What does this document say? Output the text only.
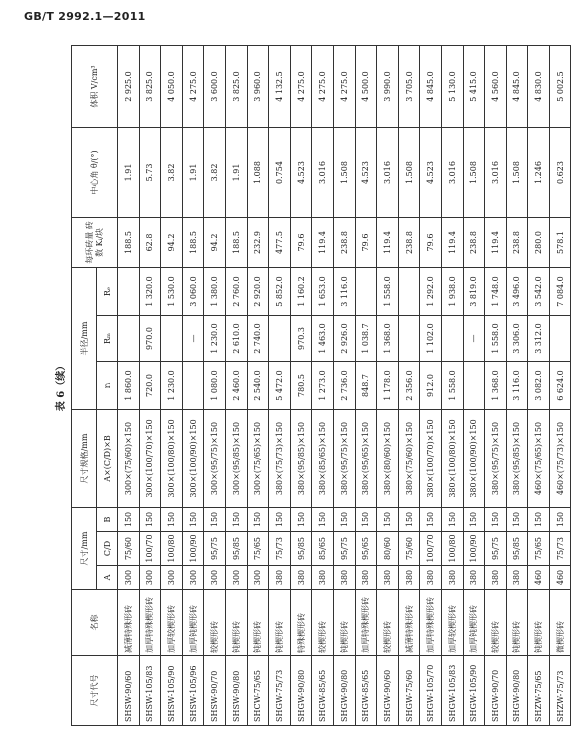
GB/T 2992.1—2011
表 6（续）
尺寸代号	名称	尺寸/mm			尺寸规格/mm	半径/mm			每环砖量 砖数 Kᵢ/块	中心角 θ/(°)	体积 V/cm³
		A	C/D	B	A×(C/D)×B	rᵢ	Rₘ	Rₑ			
SHSW-90/60	减薄特殊形砖	300	75/60	150	300×(75/60)×150	1 860.0			188.5	1.91	2 925.0
SHSW-105/83	加厚特殊楔形砖	300	100/70	150	300×(100/70)×150	720.0	970.0	1 320.0	62.8	5.73	3 825.0
SHSW-105/90	加厚较楔形砖	300	100/80	150	300×(100/80)×150	1 230.0		1 530.0	94.2	3.82	4 050.0
SHSW-105/96	加厚钝楔形砖	300	100/90	150	300×(100/90)×150		—	3 060.0	188.5	1.91	4 275.0
SHSW-90/70	较楔形砖	300	95/75	150	300×(95/75)×150	1 080.0	1 230.0	1 380.0	94.2	3.82	3 600.0
SHSW-90/80	钝楔形砖	300	95/85	150	300×(95/85)×150	2 460.0	2 610.0	2 760.0	188.5	1.91	3 825.0
SHCW-75/65	钝楔形砖	300	75/65	150	300×(75/65)×150	2 540.0	2 740.0	2 920.0	232.9	1.088	3 960.0
SHGW-75/73	钝楔形砖	380	75/73	150	380×(75/73)×150	5 472.0		5 852.0	477.5	0.754	4 132.5
SHGW-90/80	特殊楔形砖	380	95/85	150	380×(95/85)×150	780.5	970.3	1 160.2	79.6	4.523	4 275.0
SHGW-85/65	较楔形砖	380	85/65	150	380×(85/65)×150	1 273.0	1 463.0	1 653.0	119.4	3.016	4 275.0
SHGW-90/80	钝楔形砖	380	95/75	150	380×(95/75)×150	2 736.0	2 926.0	3 116.0	238.8	1.508	4 275.0
SHGW-85/65	加厚特殊楔形砖	380	95/65	150	380×(95/65)×150	848.7	1 038.7		79.6	4.523	4 500.0
SHGW-90/60	较楔形砖	380	80/60	150	380×(80/60)×150	1 178.0	1 368.0	1 558.0	119.4	3.016	3 990.0
SHGW-75/60	减薄特殊形砖	380	75/60	150	380×(75/60)×150	2 356.0			238.8	1.508	3 705.0
SHGW-105/70	加厚特殊楔形砖	380	100/70	150	380×(100/70)×150	912.0	1 102.0	1 292.0	79.6	4.523	4 845.0
SHGW-105/83	加厚较楔形砖	380	100/80	150	380×(100/80)×150	1 558.0		1 938.0	119.4	3.016	5 130.0
SHGW-105/90	加厚钝楔形砖	380	100/90	150	380×(100/90)×150		—	3 819.0	238.8	1.508	5 415.0
SHGW-90/70	较楔形砖	380	95/75	150	380×(95/75)×150	1 368.0	1 558.0	1 748.0	119.4	3.016	4 560.0
SHGW-90/80	钝楔形砖	380	95/85	150	380×(95/85)×150	3 116.0	3 306.0	3 496.0	238.8	1.508	4 845.0
SHZW-75/65	钝楔形砖	460	75/65	150	460×(75/65)×150	3 082.0	3 312.0	3 542.0	280.0	1.246	4 830.0
SHZW-75/73	微楔形砖	460	75/73	150	460×(75/73)×150	6 624.0		7 084.0	578.1	0.623	5 002.5
